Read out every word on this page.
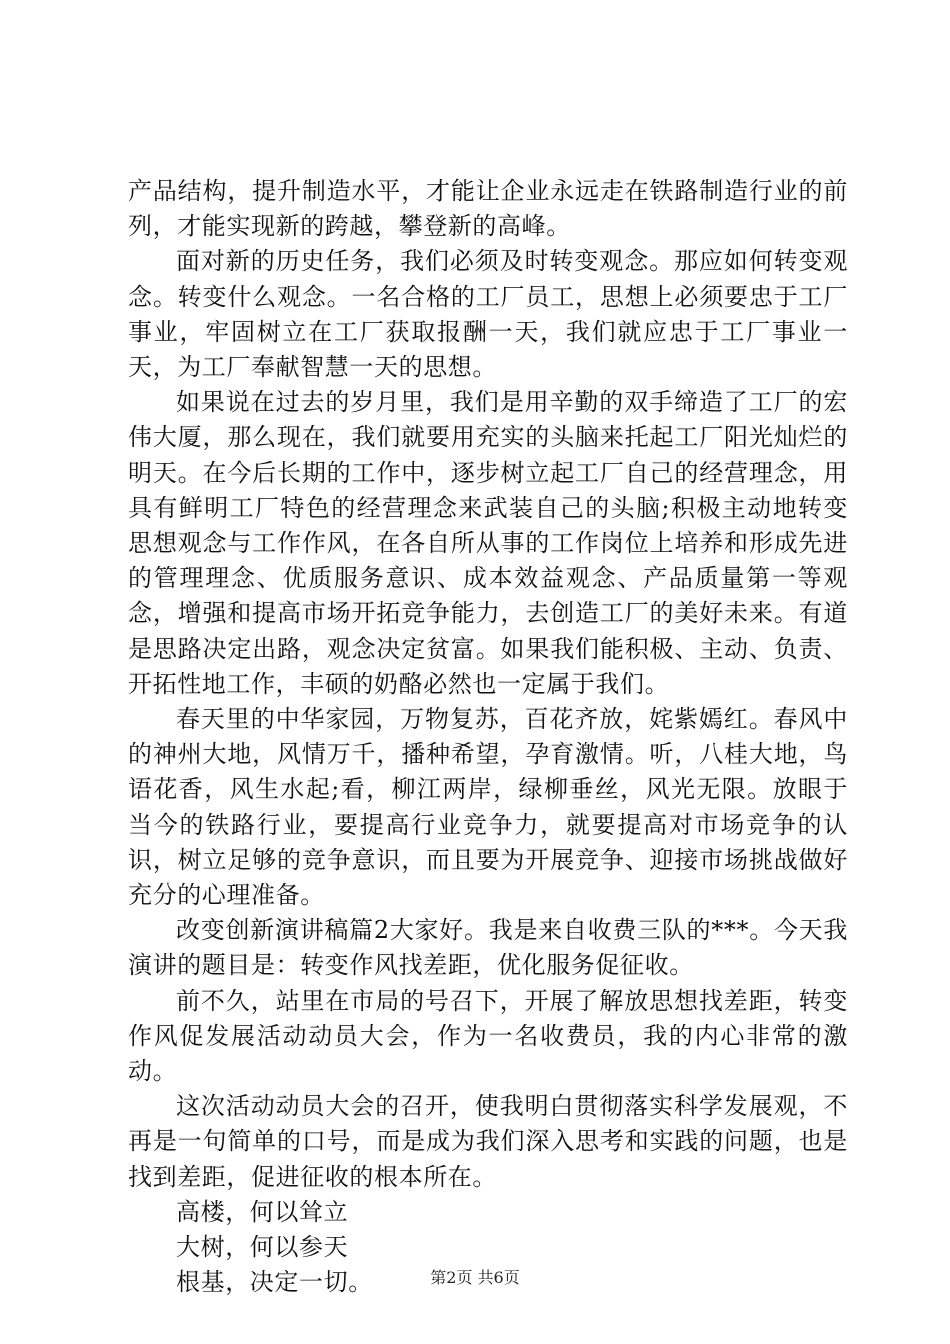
产品结构，提升制造水平，才能让企业永远走在铁路制造行业的前列，才能实现新的跨越，攀登新的高峰。

面对新的历史任务，我们必须及时转变观念。那应如何转变观念。转变什么观念。一名合格的工厂员工，思想上必须要忠于工厂事业，牢固树立在工厂获取报酬一天，我们就应忠于工厂事业一天，为工厂奉献智慧一天的思想。

如果说在过去的岁月里，我们是用辛勤的双手缔造了工厂的宏伟大厦，那么现在，我们就要用充实的头脑来托起工厂阳光灿烂的明天。在今后长期的工作中，逐步树立起工厂自己的经营理念，用具有鲜明工厂特色的经营理念来武装自己的头脑;积极主动地转变思想观念与工作作风，在各自所从事的工作岗位上培养和形成先进的管理理念、优质服务意识、成本效益观念、产品质量第一等观念，增强和提高市场开拓竞争能力，去创造工厂的美好未来。有道是思路决定出路，观念决定贫富。如果我们能积极、主动、负责、开拓性地工作，丰硕的奶酪必然也一定属于我们。

春天里的中华家园，万物复苏，百花齐放，姹紫嫣红。春风中的神州大地，风情万千，播种希望，孕育激情。听，八桂大地，鸟语花香，风生水起;看，柳江两岸，绿柳垂丝，风光无限。放眼于当今的铁路行业，要提高行业竞争力，就要提高对市场竞争的认识，树立足够的竞争意识，而且要为开展竞争、迎接市场挑战做好充分的心理准备。

改变创新演讲稿篇2大家好。我是来自收费三队的***。今天我演讲的题目是：转变作风找差距，优化服务促征收。

前不久，站里在市局的号召下，开展了解放思想找差距，转变作风促发展活动动员大会，作为一名收费员，我的内心非常的激动。

这次活动动员大会的召开，使我明白贯彻落实科学发展观，不再是一句简单的口号，而是成为我们深入思考和实践的问题，也是找到差距，促进征收的根本所在。

高楼，何以耸立

大树，何以参天

根基，决定一切。	第2页 共6页
